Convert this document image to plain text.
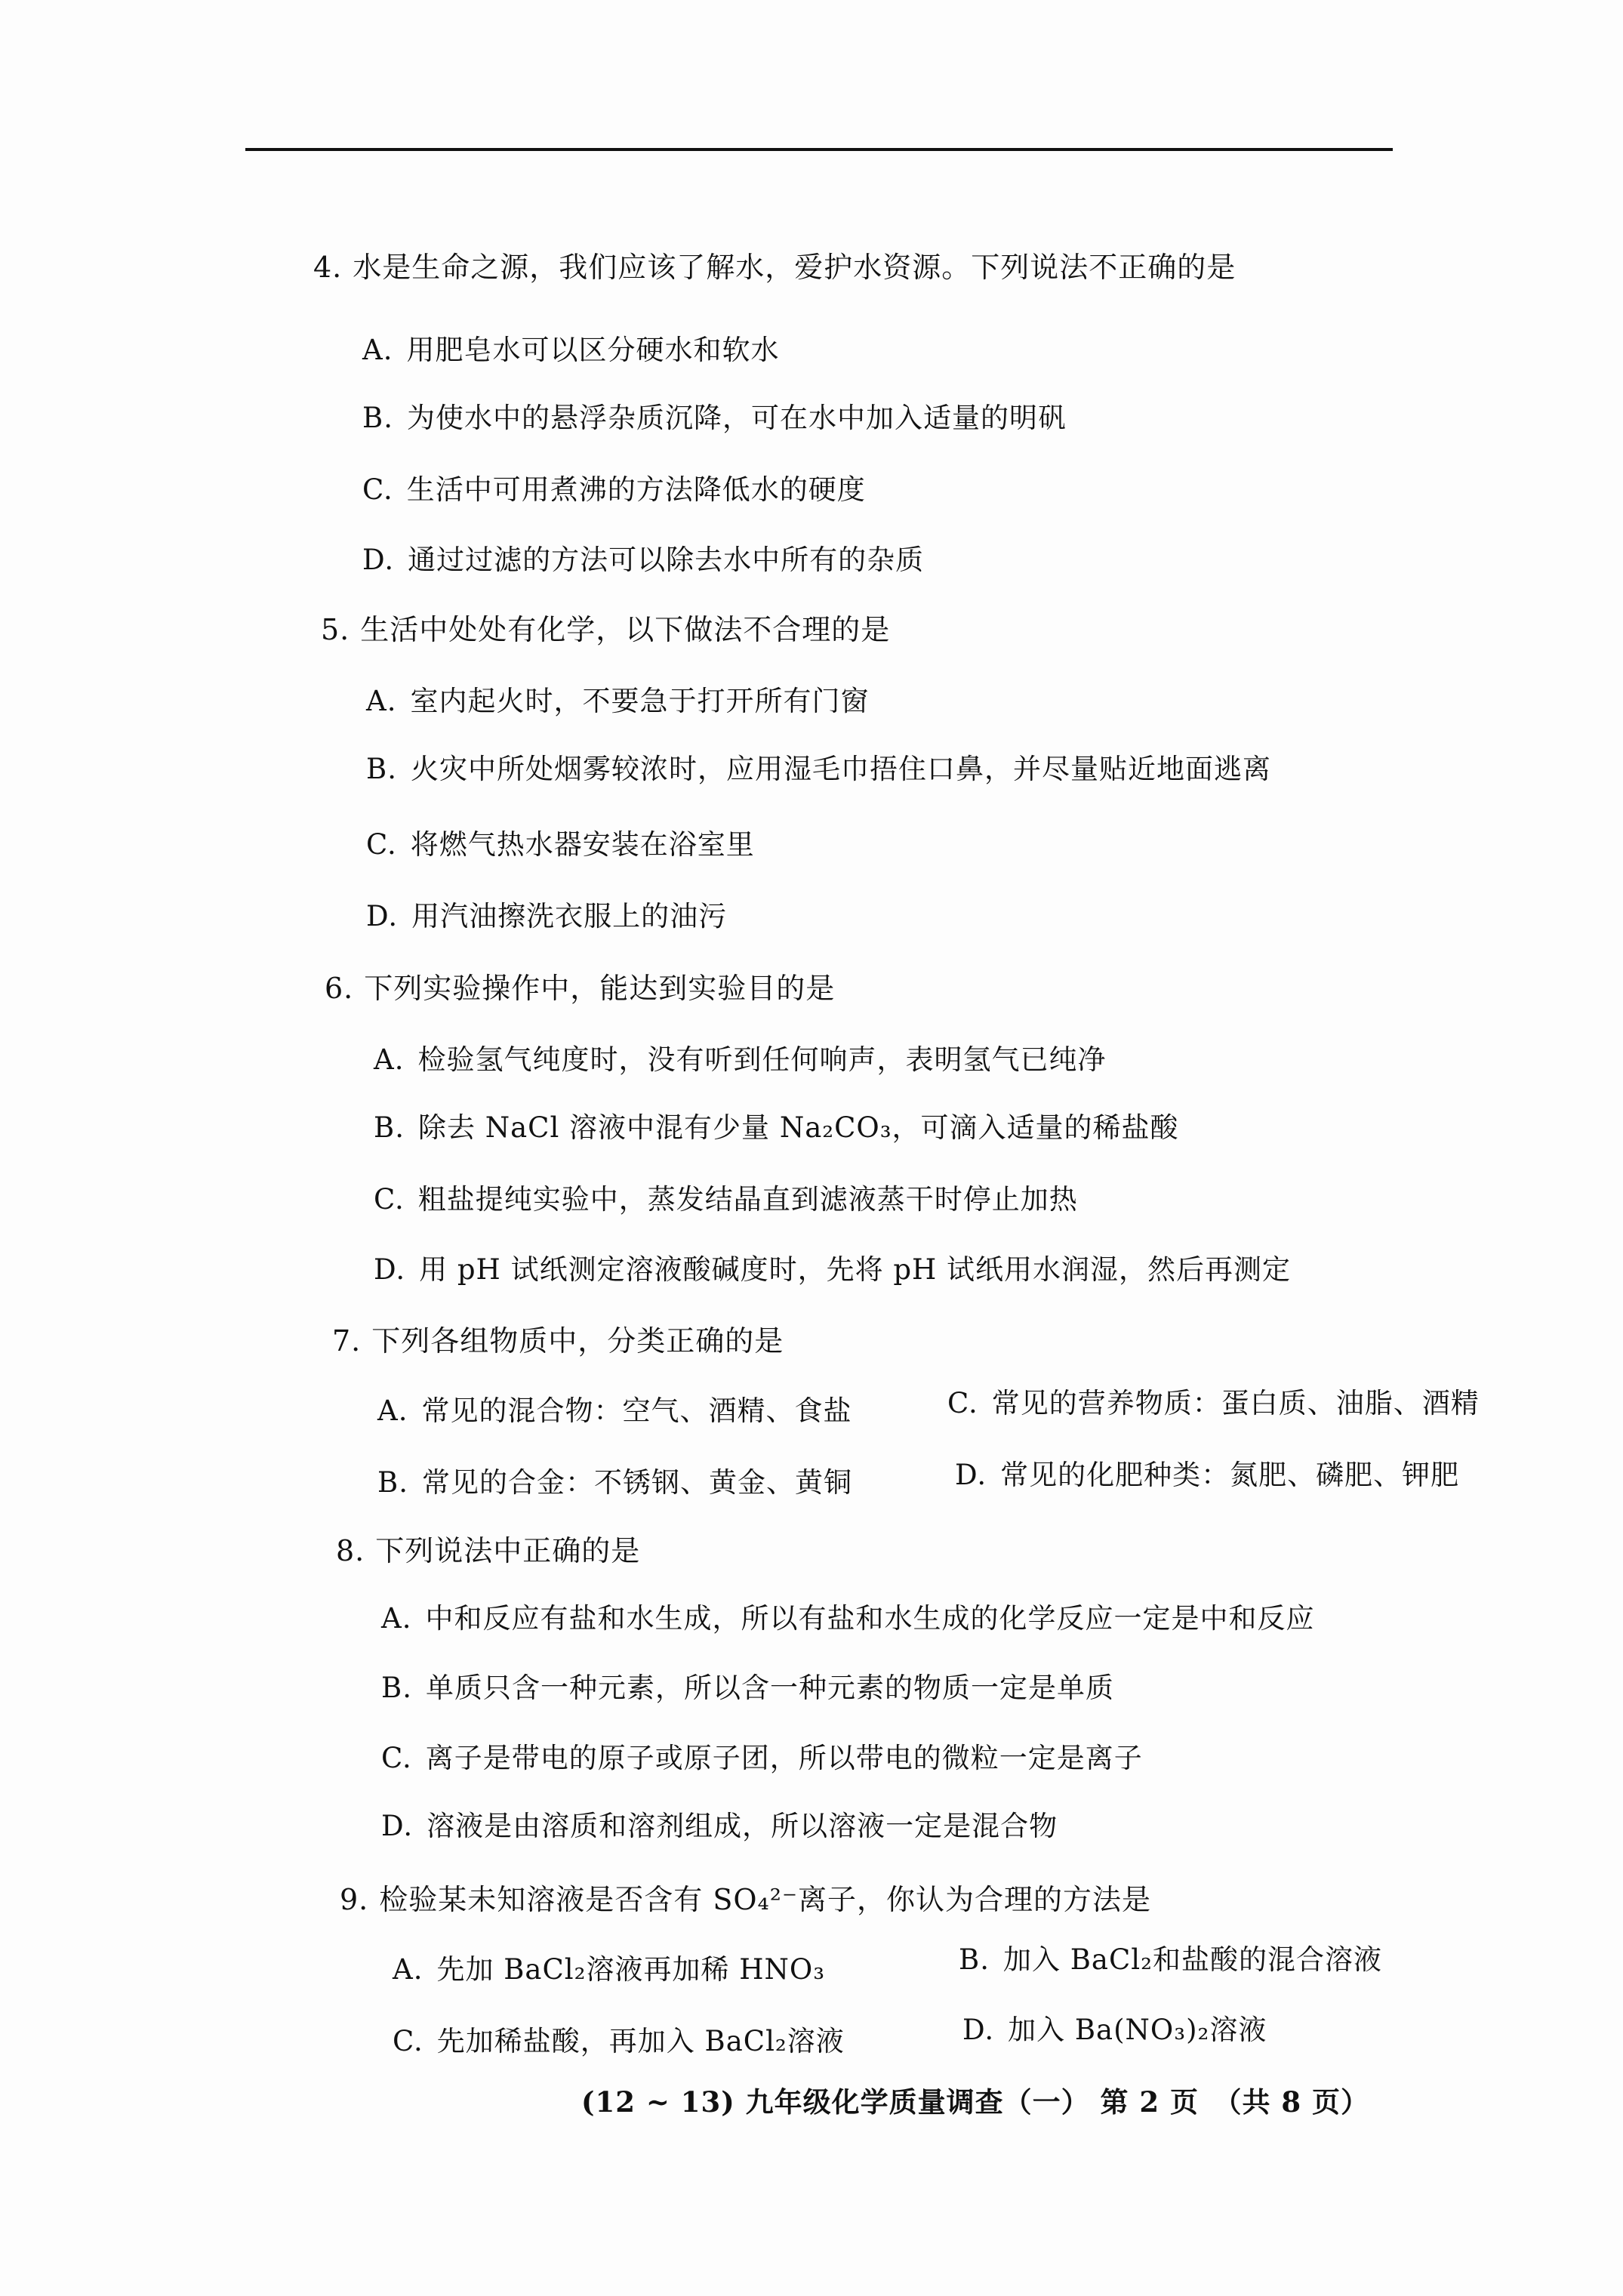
4. 水是生命之源，我们应该了解水，爱护水资源。下列说法不正确的是
A. 用肥皂水可以区分硬水和软水
B. 为使水中的悬浮杂质沉降，可在水中加入适量的明矾
C. 生活中可用煮沸的方法降低水的硬度
D. 通过过滤的方法可以除去水中所有的杂质
5. 生活中处处有化学，以下做法不合理的是
A. 室内起火时，不要急于打开所有门窗
B. 火灾中所处烟雾较浓时，应用湿毛巾捂住口鼻，并尽量贴近地面逃离
C. 将燃气热水器安装在浴室里
D. 用汽油擦洗衣服上的油污
6. 下列实验操作中，能达到实验目的是
A. 检验氢气纯度时，没有听到任何响声，表明氢气已纯净
B. 除去 NaCl 溶液中混有少量 Na₂CO₃，可滴入适量的稀盐酸
C. 粗盐提纯实验中，蒸发结晶直到滤液蒸干时停止加热
D. 用 pH 试纸测定溶液酸碱度时，先将 pH 试纸用水润湿，然后再测定
7. 下列各组物质中，分类正确的是
A. 常见的混合物：空气、酒精、食盐	C. 常见的营养物质：蛋白质、油脂、酒精
B. 常见的合金：不锈钢、黄金、黄铜	D. 常见的化肥种类：氮肥、磷肥、钾肥
8. 下列说法中正确的是
A. 中和反应有盐和水生成，所以有盐和水生成的化学反应一定是中和反应
B. 单质只含一种元素，所以含一种元素的物质一定是单质
C. 离子是带电的原子或原子团，所以带电的微粒一定是离子
D. 溶液是由溶质和溶剂组成，所以溶液一定是混合物
9. 检验某未知溶液是否含有 SO₄²⁻离子，你认为合理的方法是
A. 先加 BaCl₂溶液再加稀 HNO₃	B. 加入 BaCl₂和盐酸的混合溶液
C. 先加稀盐酸，再加入 BaCl₂溶液	D. 加入 Ba(NO₃)₂溶液
(12 ~ 13) 九年级化学质量调查（一） 第 2 页　（共 8 页）
